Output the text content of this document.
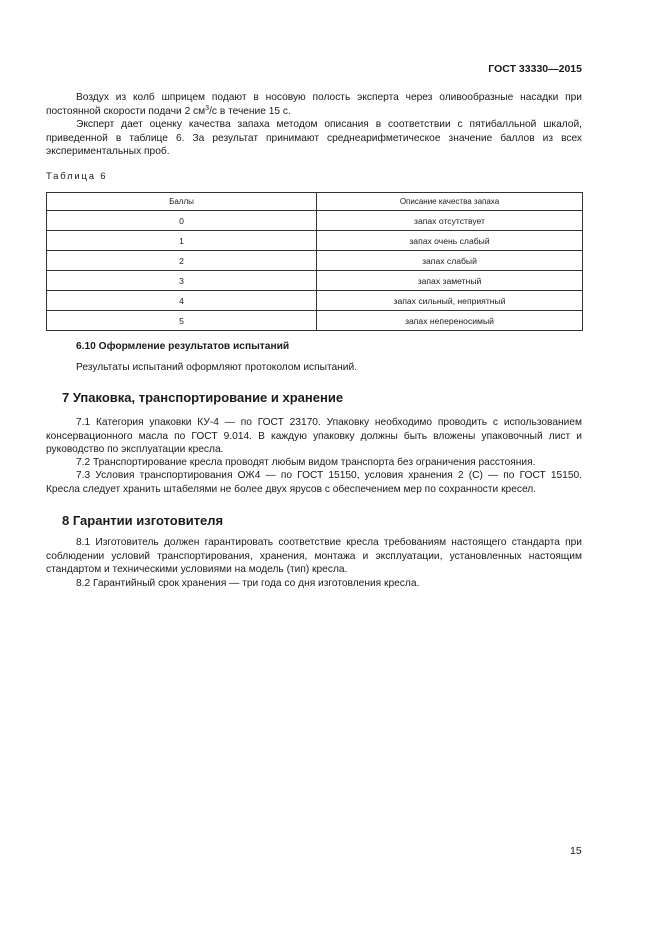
ГОСТ 33330—2015

Воздух из колб шприцем подают в носовую полость эксперта через оливообразные насадки при постоянной скорости подачи 2 $см^3/с$ в течение 15 с.

Эксперт дает оценку качества запаха методом описания в соответствии с пятибалльной шкалой, приведенной в таблице 6. За результат принимают среднеарифметическое значение баллов из всех экспериментальных проб.

Таблица 6
Баллы	Описание качества запаха
0	запах отсутствует
1	запах очень слабый
2	запах слабый
3	запах заметный
4	запах сильный, неприятный
5	запах непереносимый
6.10 Оформление результатов испытаний

Результаты испытаний оформляют протоколом испытаний.

7 Упаковка, транспортирование и хранение

7.1 Категория упаковки КУ-4 — по ГОСТ 23170. Упаковку необходимо проводить с использованием консервационного масла по ГОСТ 9.014. В каждую упаковку должны быть вложены упаковочный лист и руководство по эксплуатации кресла.

7.2 Транспортирование кресла проводят любым видом транспорта без ограничения расстояния.

7.3 Условия транспортирования ОЖ4 — по ГОСТ 15150, условия хранения 2 (С) — по ГОСТ 15150. Кресла следует хранить штабелями не более двух ярусов с обеспечением мер по сохранности кресел.

8 Гарантии изготовителя

8.1 Изготовитель должен гарантировать соответствие кресла требованиям настоящего стандарта при соблюдении условий транспортирования, хранения, монтажа и эксплуатации, установленных настоящим стандартом и техническими условиями на модель (тип) кресла.

8.2 Гарантийный срок хранения — три года со дня изготовления кресла.

15
